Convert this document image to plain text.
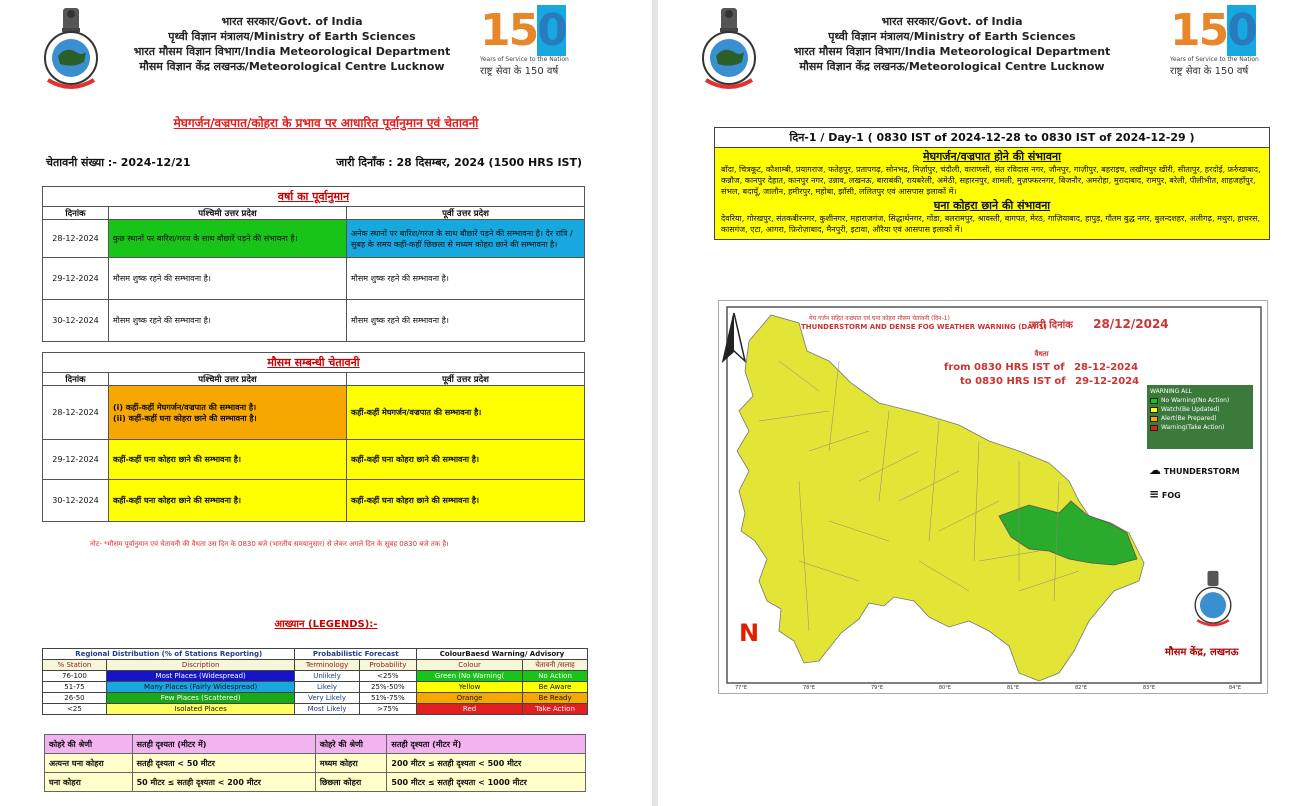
भारत सरकार/Govt. of India
पृथ्वी विज्ञान मंत्रालय/Ministry of Earth Sciences
भारत मौसम विज्ञान विभाग/India Meteorological Department
मौसम विज्ञान केंद्र लखनऊ/Meteorological Centre Lucknow
150
Years of Service to the Nation
राष्ट्र सेवा के 150 वर्ष
मेघगर्जन/वज्रपात/कोहरा के प्रभाव पर आधारित पूर्वानुमान एवं चेतावनी
चेतावनी संख्या :- 2024-12/21	जारी दिनाँक : 28 दिसम्बर, 2024 (1500 HRS IST)
वर्षा का पूर्वानुमान		
दिनांक	पश्चिमी उत्तर प्रदेश	पूर्वी उत्तर प्रदेश
28-12-2024	कुछ स्थानों पर बारिश/गरज के साथ बौछारें पड़ने की संभावना है।	अनेक स्थानों पर बारिश/गरज के साथ बौछारें पड़ने की सम्भावना है। देर रात्रि / सुबह के समय कहीं-कहीं छिछला से मध्यम कोहरा छाने की सम्भावना है।
29-12-2024	मौसम शुष्क रहने की सम्भावना है।	मौसम शुष्क रहने की सम्भावना है।
30-12-2024	मौसम शुष्क रहने की सम्भावना है।	मौसम शुष्क रहने की सम्भावना है।
मौसम सम्बन्धी चेतावनी		
दिनांक	पश्चिमी उत्तर प्रदेश	पूर्वी उत्तर प्रदेश
28-12-2024	(i) कहीं-कहीं मेघगर्जन/वज्रपात की सम्भावना है।
(ii) कहीं-कहीं घना कोहरा छाने की सम्भावना है।	कहीं-कहीं मेघगर्जन/वज्रपात की सम्भावना है।
29-12-2024	कहीं-कहीं घना कोहरा छाने की सम्भावना है।	कहीं-कहीं घना कोहरा छाने की सम्भावना है।
30-12-2024	कहीं-कहीं घना कोहरा छाने की सम्भावना है।	कहीं-कहीं घना कोहरा छाने की सम्भावना है।
नोट- *मौसम पूर्वानुमान एवं चेतावनी की वैधता उस दिन के 0830 बजे (भारतीय समयानुसार) से लेकर अगले दिन के सुबह 0830 बजे तक है।
आख्यान (LEGENDS):-
Regional Distribution (% of Stations Reporting)		Probabilistic Forecast		ColourBaesd Warning/ Advisory	
% Station	Discription	Terminology	Probability	Colour	चेतावनी /सलाह
76-100	Most Places (Widespread)	Unlikely	<25%	Green (No Warning(	No Action
51-75	Many Places (Fairly Widespread)	Likely	25%-50%	Yellow	Be Aware
26-50	Few Places (Scattered)	Very Likely	51%-75%	Orange	Be Ready
<25	Isolated Places	Most Likely	>75%	Red	Take Action
कोहरे की श्रेणी	सतही दृश्यता (मीटर में)	कोहरे की श्रेणी	सतही दृश्यता (मीटर में)
अत्यन्त घना कोहरा	सतही दृश्यता < 50 मीटर	मध्यम कोहरा	200 मीटर ≤ सतही दृश्यता < 500 मीटर
घना कोहरा	50 मीटर ≤ सतही दृश्यता < 200 मीटर	छिछला कोहरा	500 मीटर ≤ सतही दृश्यता < 1000 मीटर
भारत सरकार/Govt. of India
पृथ्वी विज्ञान मंत्रालय/Ministry of Earth Sciences
भारत मौसम विज्ञान विभाग/India Meteorological Department
मौसम विज्ञान केंद्र लखनऊ/Meteorological Centre Lucknow
150
Years of Service to the Nation
राष्ट्र सेवा के 150 वर्ष
दिन-1 / Day-1 ( 0830 IST of 2024-12-28 to 0830 IST of 2024-12-29 )
मेघगर्जन/वज्रपात होने की संभावना
बाँदा, चित्रकूट, कौशाम्बी, प्रयागराज, फतेहपुर, प्रतापगढ़, सोनभद्र, मिर्ज़ापुर, चंदौली, वाराणसी, संत रविदास नगर, जौनपुर, गाज़ीपुर, बहराइच, लखीमपुर खीरी, सीतापुर, हरदोई, फ़र्रुखाबाद, कन्नौज, कानपुर देहात, कानपुर नगर, उन्नाव, लखनऊ, बाराबंकी, रायबरेली, अमेठी, सहारनपुर, शामली, मुज़फ्फरनगर, बिजनौर, अमरोहा, मुरादाबाद, रामपुर, बरेली, पीलीभीत, शाहजहाँपुर, संभल, बदायूँ, जालौन, हमीरपुर, महोबा, झाँसी, ललितपुर एवं आसपास इलाकों में।
घना कोहरा छाने की संभावना
देवरिया, गोरखपुर, संतकबीरनगर, कुशीनगर, महाराजगंज, सिद्धार्थनगर, गोंडा, बलरामपुर, श्रावस्ती, बागपत, मेरठ, गाज़ियाबाद, हापुड़, गौतम बुद्ध नगर, बुलन्दशहर, अलीगढ़, मथुरा, हाथरस, कासगंज, एटा, आगरा, फ़िरोज़ाबाद, मैनपुरी, इटावा, औरैया एवं आसपास इलाकों में।
मेघ गर्जन सहित वज्रपात एवं घना कोहरा मौसम चेतावनी (दिन-1)
THUNDERSTORM AND DENSE FOG WEATHER WARNING (DAY-1)
जारी दिनांक 28/12/2024
वैधता
from 0830 HRS IST of 28-12-2024
to 0830 HRS IST of 29-12-2024
WARNING ALL
No Warning(No Action)
Watch(Be Updated)
Alert(Be Prepared)
Warning(Take Action)
☁ THUNDERSTORM
≡ FOG
N
मौसम केंद्र, लखनऊ
77°E	78°E	79°E	80°E	81°E	82°E	83°E	84°E
